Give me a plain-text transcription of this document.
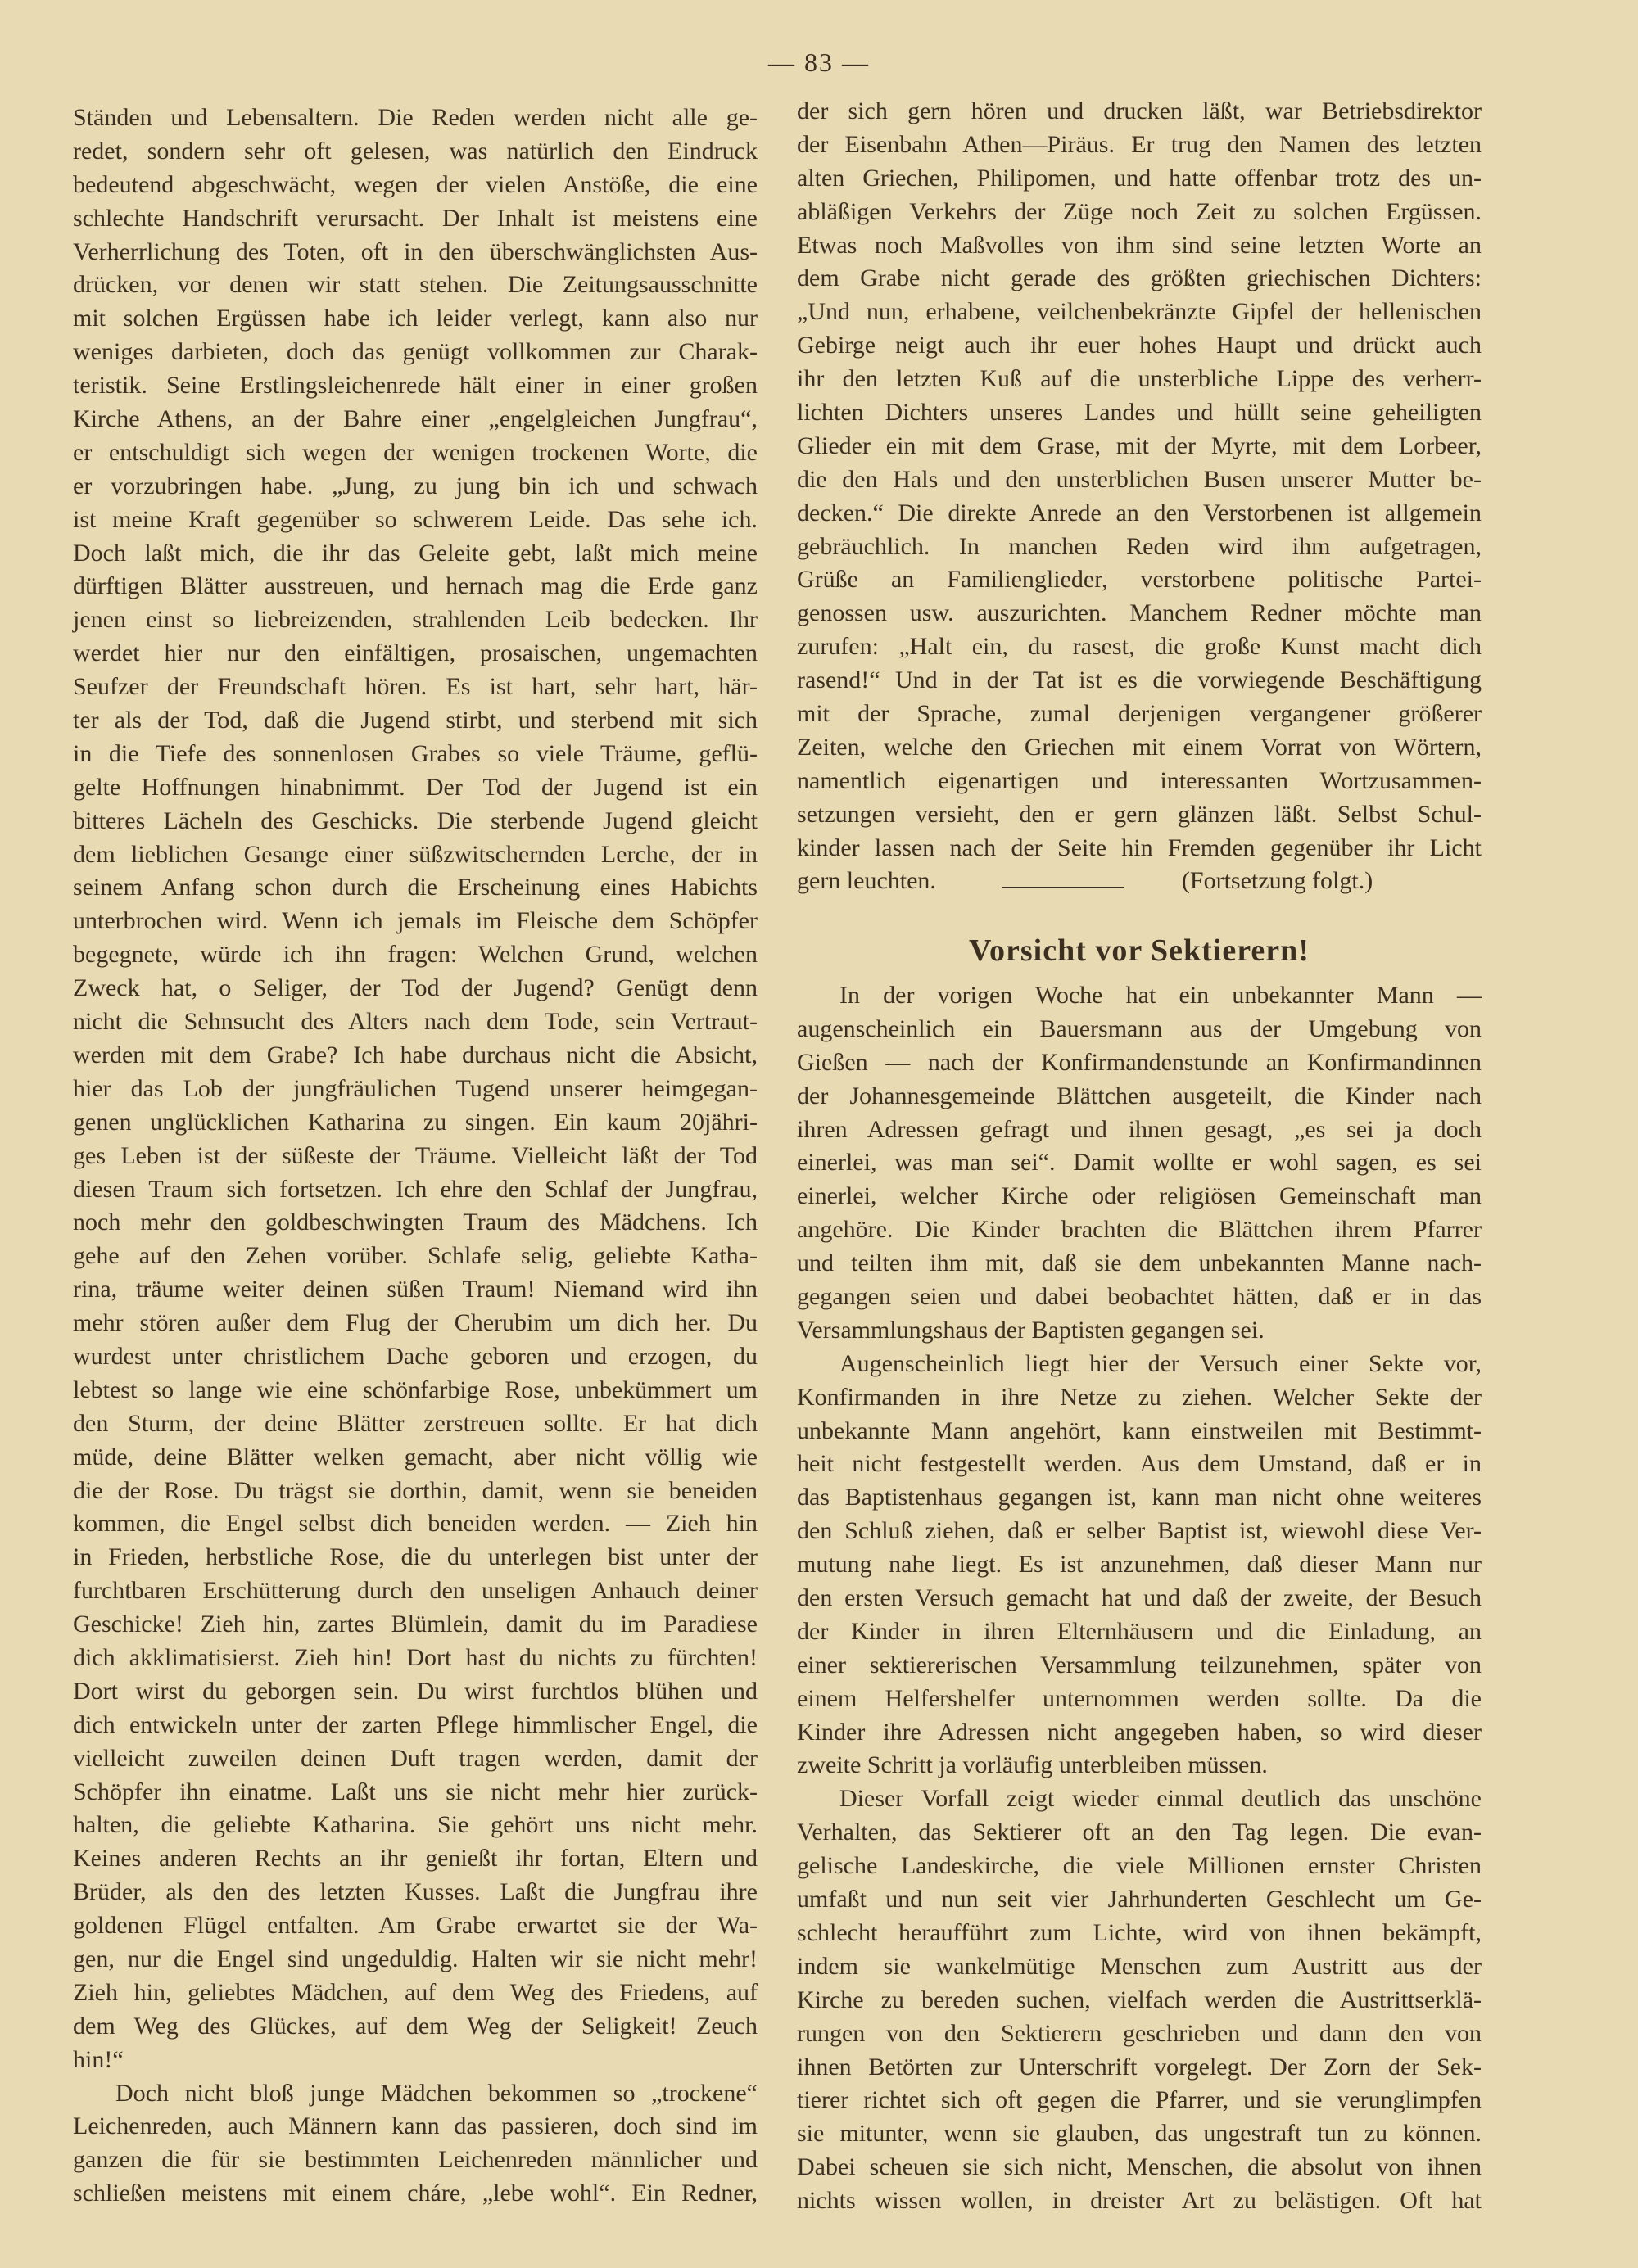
— 83 —
Ständen und Lebensaltern. Die Reden werden nicht alle ge-
redet, sondern sehr oft gelesen, was natürlich den Eindruck
bedeutend abgeschwächt, wegen der vielen Anstöße, die eine
schlechte Handschrift verursacht. Der Inhalt ist meistens eine
Verherrlichung des Toten, oft in den überschwänglichsten Aus-
drücken, vor denen wir statt stehen. Die Zeitungsausschnitte
mit solchen Ergüssen habe ich leider verlegt, kann also nur
weniges darbieten, doch das genügt vollkommen zur Charak-
teristik. Seine Erstlingsleichenrede hält einer in einer großen
Kirche Athens, an der Bahre einer „engelgleichen Jungfrau“,
er entschuldigt sich wegen der wenigen trockenen Worte, die
er vorzubringen habe. „Jung, zu jung bin ich und schwach
ist meine Kraft gegenüber so schwerem Leide. Das sehe ich.
Doch laßt mich, die ihr das Geleite gebt, laßt mich meine
dürftigen Blätter ausstreuen, und hernach mag die Erde ganz
jenen einst so liebreizenden, strahlenden Leib bedecken. Ihr
werdet hier nur den einfältigen, prosaischen, ungemachten
Seufzer der Freundschaft hören. Es ist hart, sehr hart, här-
ter als der Tod, daß die Jugend stirbt, und sterbend mit sich
in die Tiefe des sonnenlosen Grabes so viele Träume, geflü-
gelte Hoffnungen hinabnimmt. Der Tod der Jugend ist ein
bitteres Lächeln des Geschicks. Die sterbende Jugend gleicht
dem lieblichen Gesange einer süßzwitschernden Lerche, der in
seinem Anfang schon durch die Erscheinung eines Habichts
unterbrochen wird. Wenn ich jemals im Fleische dem Schöpfer
begegnete, würde ich ihn fragen: Welchen Grund, welchen
Zweck hat, o Seliger, der Tod der Jugend? Genügt denn
nicht die Sehnsucht des Alters nach dem Tode, sein Vertraut-
werden mit dem Grabe? Ich habe durchaus nicht die Absicht,
hier das Lob der jungfräulichen Tugend unserer heimgegan-
genen unglücklichen Katharina zu singen. Ein kaum 20jähri-
ges Leben ist der süßeste der Träume. Vielleicht läßt der Tod
diesen Traum sich fortsetzen. Ich ehre den Schlaf der Jungfrau,
noch mehr den goldbeschwingten Traum des Mädchens. Ich
gehe auf den Zehen vorüber. Schlafe selig, geliebte Katha-
rina, träume weiter deinen süßen Traum! Niemand wird ihn
mehr stören außer dem Flug der Cherubim um dich her. Du
wurdest unter christlichem Dache geboren und erzogen, du
lebtest so lange wie eine schönfarbige Rose, unbekümmert um
den Sturm, der deine Blätter zerstreuen sollte. Er hat dich
müde, deine Blätter welken gemacht, aber nicht völlig wie
die der Rose. Du trägst sie dorthin, damit, wenn sie beneiden
kommen, die Engel selbst dich beneiden werden. — Zieh hin
in Frieden, herbstliche Rose, die du unterlegen bist unter der
furchtbaren Erschütterung durch den unseligen Anhauch deiner
Geschicke! Zieh hin, zartes Blümlein, damit du im Paradiese
dich akklimatisierst. Zieh hin! Dort hast du nichts zu fürchten!
Dort wirst du geborgen sein. Du wirst furchtlos blühen und
dich entwickeln unter der zarten Pflege himmlischer Engel, die
vielleicht zuweilen deinen Duft tragen werden, damit der
Schöpfer ihn einatme. Laßt uns sie nicht mehr hier zurück-
halten, die geliebte Katharina. Sie gehört uns nicht mehr.
Keines anderen Rechts an ihr genießt ihr fortan, Eltern und
Brüder, als den des letzten Kusses. Laßt die Jungfrau ihre
goldenen Flügel entfalten. Am Grabe erwartet sie der Wa-
gen, nur die Engel sind ungeduldig. Halten wir sie nicht mehr!
Zieh hin, geliebtes Mädchen, auf dem Weg des Friedens, auf
dem Weg des Glückes, auf dem Weg der Seligkeit! Zeuch
hin!“
Doch nicht bloß junge Mädchen bekommen so „trockene“
Leichenreden, auch Männern kann das passieren, doch sind im
ganzen die für sie bestimmten Leichenreden männlicher und
schließen meistens mit einem cháre, „lebe wohl“. Ein Redner,
der sich gern hören und drucken läßt, war Betriebsdirektor
der Eisenbahn Athen—Piräus. Er trug den Namen des letzten
alten Griechen, Philipomen, und hatte offenbar trotz des un-
abläßigen Verkehrs der Züge noch Zeit zu solchen Ergüssen.
Etwas noch Maßvolles von ihm sind seine letzten Worte an
dem Grabe nicht gerade des größten griechischen Dichters:
„Und nun, erhabene, veilchenbekränzte Gipfel der hellenischen
Gebirge neigt auch ihr euer hohes Haupt und drückt auch
ihr den letzten Kuß auf die unsterbliche Lippe des verherr-
lichten Dichters unseres Landes und hüllt seine geheiligten
Glieder ein mit dem Grase, mit der Myrte, mit dem Lorbeer,
die den Hals und den unsterblichen Busen unserer Mutter be-
decken.“ Die direkte Anrede an den Verstorbenen ist allgemein
gebräuchlich. In manchen Reden wird ihm aufgetragen,
Grüße an Familienglieder, verstorbene politische Partei-
genossen usw. auszurichten. Manchem Redner möchte man
zurufen: „Halt ein, du rasest, die große Kunst macht dich
rasend!“ Und in der Tat ist es die vorwiegende Beschäftigung
mit der Sprache, zumal derjenigen vergangener größerer
Zeiten, welche den Griechen mit einem Vorrat von Wörtern,
namentlich eigenartigen und interessanten Wortzusammen-
setzungen versieht, den er gern glänzen läßt. Selbst Schul-
kinder lassen nach der Seite hin Fremden gegenüber ihr Licht
gern leuchten.	(Fortsetzung folgt.)
Vorsicht vor Sektierern!
In der vorigen Woche hat ein unbekannter Mann —
augenscheinlich ein Bauersmann aus der Umgebung von
Gießen — nach der Konfirmandenstunde an Konfirmandinnen
der Johannesgemeinde Blättchen ausgeteilt, die Kinder nach
ihren Adressen gefragt und ihnen gesagt, „es sei ja doch
einerlei, was man sei“. Damit wollte er wohl sagen, es sei
einerlei, welcher Kirche oder religiösen Gemeinschaft man
angehöre. Die Kinder brachten die Blättchen ihrem Pfarrer
und teilten ihm mit, daß sie dem unbekannten Manne nach-
gegangen seien und dabei beobachtet hätten, daß er in das
Versammlungshaus der Baptisten gegangen sei.
Augenscheinlich liegt hier der Versuch einer Sekte vor,
Konfirmanden in ihre Netze zu ziehen. Welcher Sekte der
unbekannte Mann angehört, kann einstweilen mit Bestimmt-
heit nicht festgestellt werden. Aus dem Umstand, daß er in
das Baptistenhaus gegangen ist, kann man nicht ohne weiteres
den Schluß ziehen, daß er selber Baptist ist, wiewohl diese Ver-
mutung nahe liegt. Es ist anzunehmen, daß dieser Mann nur
den ersten Versuch gemacht hat und daß der zweite, der Besuch
der Kinder in ihren Elternhäusern und die Einladung, an
einer sektiererischen Versammlung teilzunehmen, später von
einem Helfershelfer unternommen werden sollte. Da die
Kinder ihre Adressen nicht angegeben haben, so wird dieser
zweite Schritt ja vorläufig unterbleiben müssen.
Dieser Vorfall zeigt wieder einmal deutlich das unschöne
Verhalten, das Sektierer oft an den Tag legen. Die evan-
gelische Landeskirche, die viele Millionen ernster Christen
umfaßt und nun seit vier Jahrhunderten Geschlecht um Ge-
schlecht heraufführt zum Lichte, wird von ihnen bekämpft,
indem sie wankelmütige Menschen zum Austritt aus der
Kirche zu bereden suchen, vielfach werden die Austrittserklä-
rungen von den Sektierern geschrieben und dann den von
ihnen Betörten zur Unterschrift vorgelegt. Der Zorn der Sek-
tierer richtet sich oft gegen die Pfarrer, und sie verunglimpfen
sie mitunter, wenn sie glauben, das ungestraft tun zu können.
Dabei scheuen sie sich nicht, Menschen, die absolut von ihnen
nichts wissen wollen, in dreister Art zu belästigen. Oft hat
